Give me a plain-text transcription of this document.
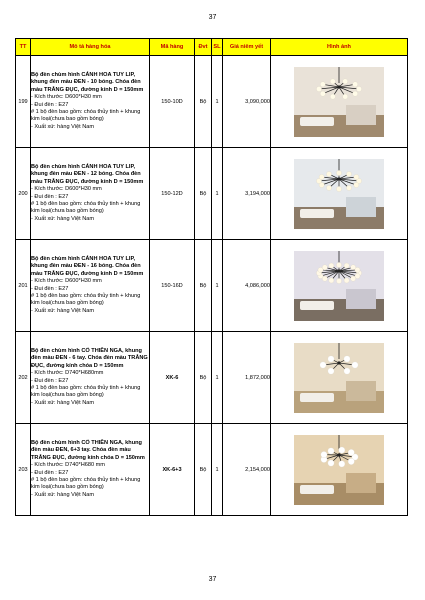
37
TT	Mô tả hàng hóa	Mã hàng	Đvt	SL	Giá niêm yết	Hình ảnh
199	Bộ đèn chùm hình CÁNH HOA TUY LIP, khung đèn màu ĐEN - 10 bóng. Chóa đèn màu TRẮNG ĐỤC, đường kính D = 150mm
- Kích thước: D600*H30 mm
- Đui đèn : E27
# 1 bộ đèn bao gồm: chóa thủy tinh + khung kim loại(chưa bao gồm bóng)
- Xuất xứ: hàng Việt Nam	150-10D	Bộ	1	3,090,000	

200	Bộ đèn chùm hình CÁNH HOA TUY LIP, khung đèn màu ĐEN - 12 bóng. Chóa đèn màu TRẮNG ĐỤC, đường kính D = 150mm
- Kích thước: D600*H30 mm
- Đui đèn : E27
# 1 bộ đèn bao gồm: chóa thủy tinh + khung kim loại(chưa bao gồm bóng)
- Xuất xứ: hàng Việt Nam	150-12D	Bộ	1	3,194,000	

201	Bộ đèn chùm hình CÁNH HOA TUY LIP, khung đèn màu ĐEN - 16 bóng. Chóa đèn màu TRẮNG ĐỤC, đường kính D = 150mm
- Kích thước: D600*H30 mm
- Đui đèn : E27
# 1 bộ đèn bao gồm: chóa thủy tinh + khung kim loại(chưa bao gồm bóng)
- Xuất xứ: hàng Việt Nam	150-16D	Bộ	1	4,086,000	

202	Bộ đèn chùm hình CỔ THIÊN NGA, khung đèn màu ĐEN - 6 tay. Chóa đèn màu TRẮNG ĐỤC, đường kính chóa D = 150mm
- Kích thước: D740*H680mm
- Đui đèn : E27
# 1 bộ đèn bao gồm: chóa thủy tinh + khung kim loại(chưa bao gồm bóng)
- Xuất xứ: hàng Việt Nam	XK-6	Bộ	1	1,872,000	

203	Bộ đèn chùm hình CỔ THIÊN NGA, khung đèn màu ĐEN, 6+3 tay. Chóa đèn màu TRẮNG ĐỤC, đường kính chóa D = 150mm
- Kích thước: D740*H680 mm
- Đui đèn : E27
# 1 bộ đèn bao gồm: chóa thủy tinh + khung kim loại(chưa bao gồm bóng)
- Xuất xứ: hàng Việt Nam	XK-6+3	Bộ	1	2,154,000	
37
